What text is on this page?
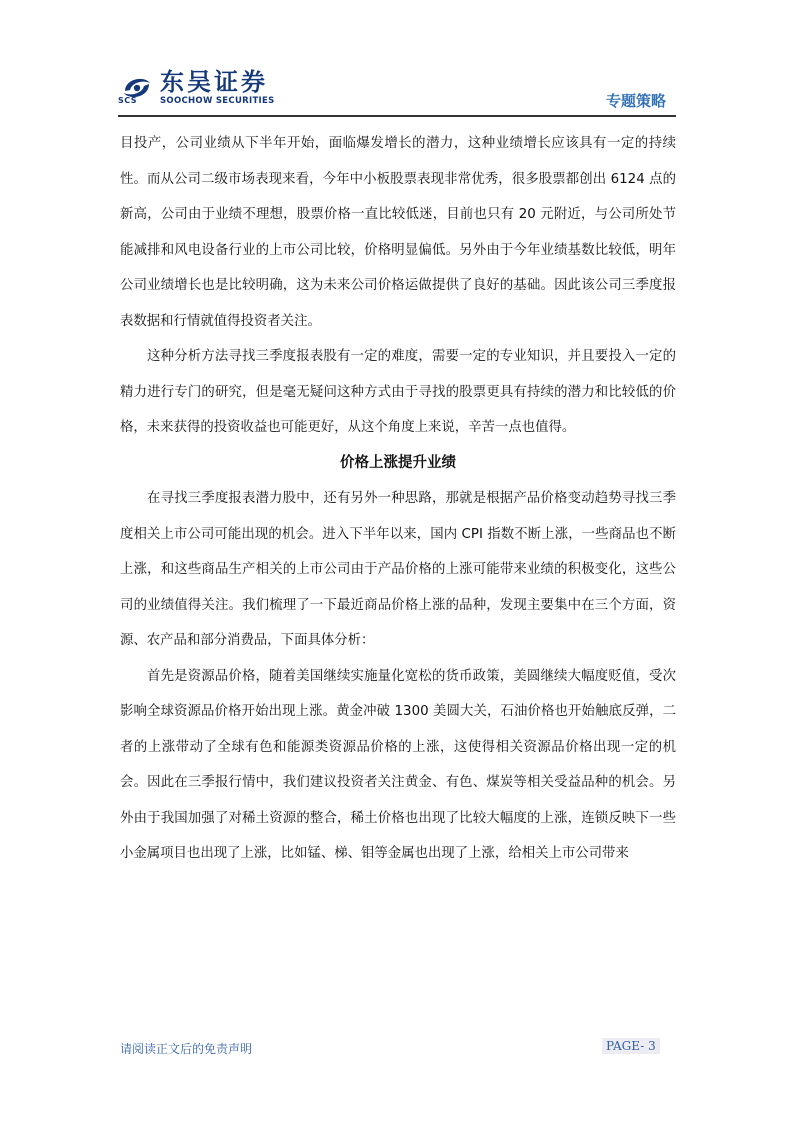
东吴证券
SCS	SOOCHOW SECURITIES	专题策略

目投产，公司业绩从下半年开始，面临爆发增长的潜力，这种业绩增长应该具有一定的持续性。而从公司二级市场表现来看，今年中小板股票表现非常优秀，很多股票都创出 6124 点的新高，公司由于业绩不理想，股票价格一直比较低迷，目前也只有 20 元附近，与公司所处节能减排和风电设备行业的上市公司比较，价格明显偏低。另外由于今年业绩基数比较低，明年公司业绩增长也是比较明确，这为未来公司价格运做提供了良好的基础。因此该公司三季度报表数据和行情就值得投资者关注。

这种分析方法寻找三季度报表股有一定的难度，需要一定的专业知识，并且要投入一定的精力进行专门的研究，但是毫无疑问这种方式由于寻找的股票更具有持续的潜力和比较低的价格，未来获得的投资收益也可能更好，从这个角度上来说，辛苦一点也值得。

价格上涨提升业绩

在寻找三季度报表潜力股中，还有另外一种思路，那就是根据产品价格变动趋势寻找三季度相关上市公司可能出现的机会。进入下半年以来，国内 CPI 指数不断上涨，一些商品也不断上涨，和这些商品生产相关的上市公司由于产品价格的上涨可能带来业绩的积极变化，这些公司的业绩值得关注。我们梳理了一下最近商品价格上涨的品种，发现主要集中在三个方面，资源、农产品和部分消费品，下面具体分析：

首先是资源品价格，随着美国继续实施量化宽松的货币政策，美圆继续大幅度贬值，受次影响全球资源品价格开始出现上涨。黄金冲破 1300 美圆大关，石油价格也开始触底反弹，二者的上涨带动了全球有色和能源类资源品价格的上涨，这使得相关资源品价格出现一定的机会。因此在三季报行情中，我们建议投资者关注黄金、有色、煤炭等相关受益品种的机会。另外由于我国加强了对稀土资源的整合，稀土价格也出现了比较大幅度的上涨，连锁反映下一些小金属项目也出现了上涨，比如锰、梯、钼等金属也出现了上涨，给相关上市公司带来

请阅读正文后的免责声明	PAGE- 3
